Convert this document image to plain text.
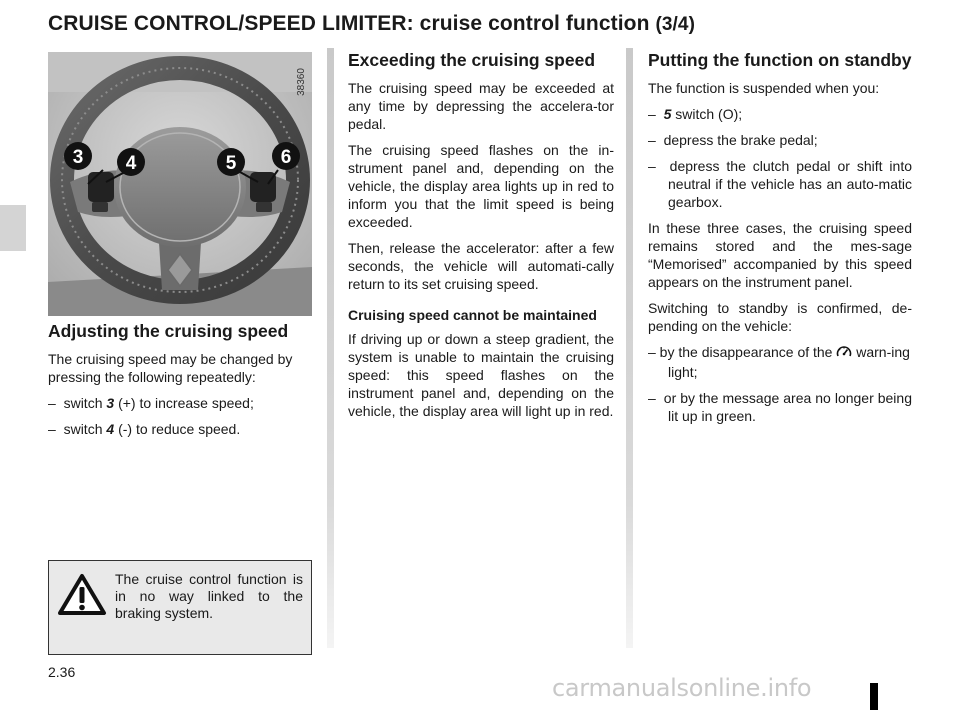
CRUISE CONTROL/SPEED LIMITER: cruise control function (3/4)
3 4	5 6
38360
Adjusting the cruising speed

The cruising speed may be changed by pressing the following repeatedly:

– switch 3 (+) to increase speed;

– switch 4 (-) to reduce speed.

The cruise control function is in no way linked to the braking system.
Exceeding the cruising speed

The cruising speed may be exceeded at any time by depressing the accelera-tor pedal.

The cruising speed flashes on the in-strument panel and, depending on the vehicle, the display area lights up in red to inform you that the limit speed is being exceeded.

Then, release the accelerator: after a few seconds, the vehicle will automati-cally return to its set cruising speed.

Cruising speed cannot be maintained

If driving up or down a steep gradient, the system is unable to maintain the cruising speed: this speed flashes on the instrument panel and, depending on the vehicle, the display area will light up in red.

Putting the function on standby

The function is suspended when you:

– 5 switch (O);

– depress the brake pedal;

– depress the clutch pedal or shift into neutral if the vehicle has an auto-matic gearbox.

In these three cases, the cruising speed remains stored and the mes-sage “Memorised” accompanied by this speed appears on the instrument panel.

Switching to standby is confirmed, de-pending on the vehicle:

– by the disappearance of the warn-ing light;

– or by the message area no longer being lit up in green.

2.36
carmanualsonline.info
